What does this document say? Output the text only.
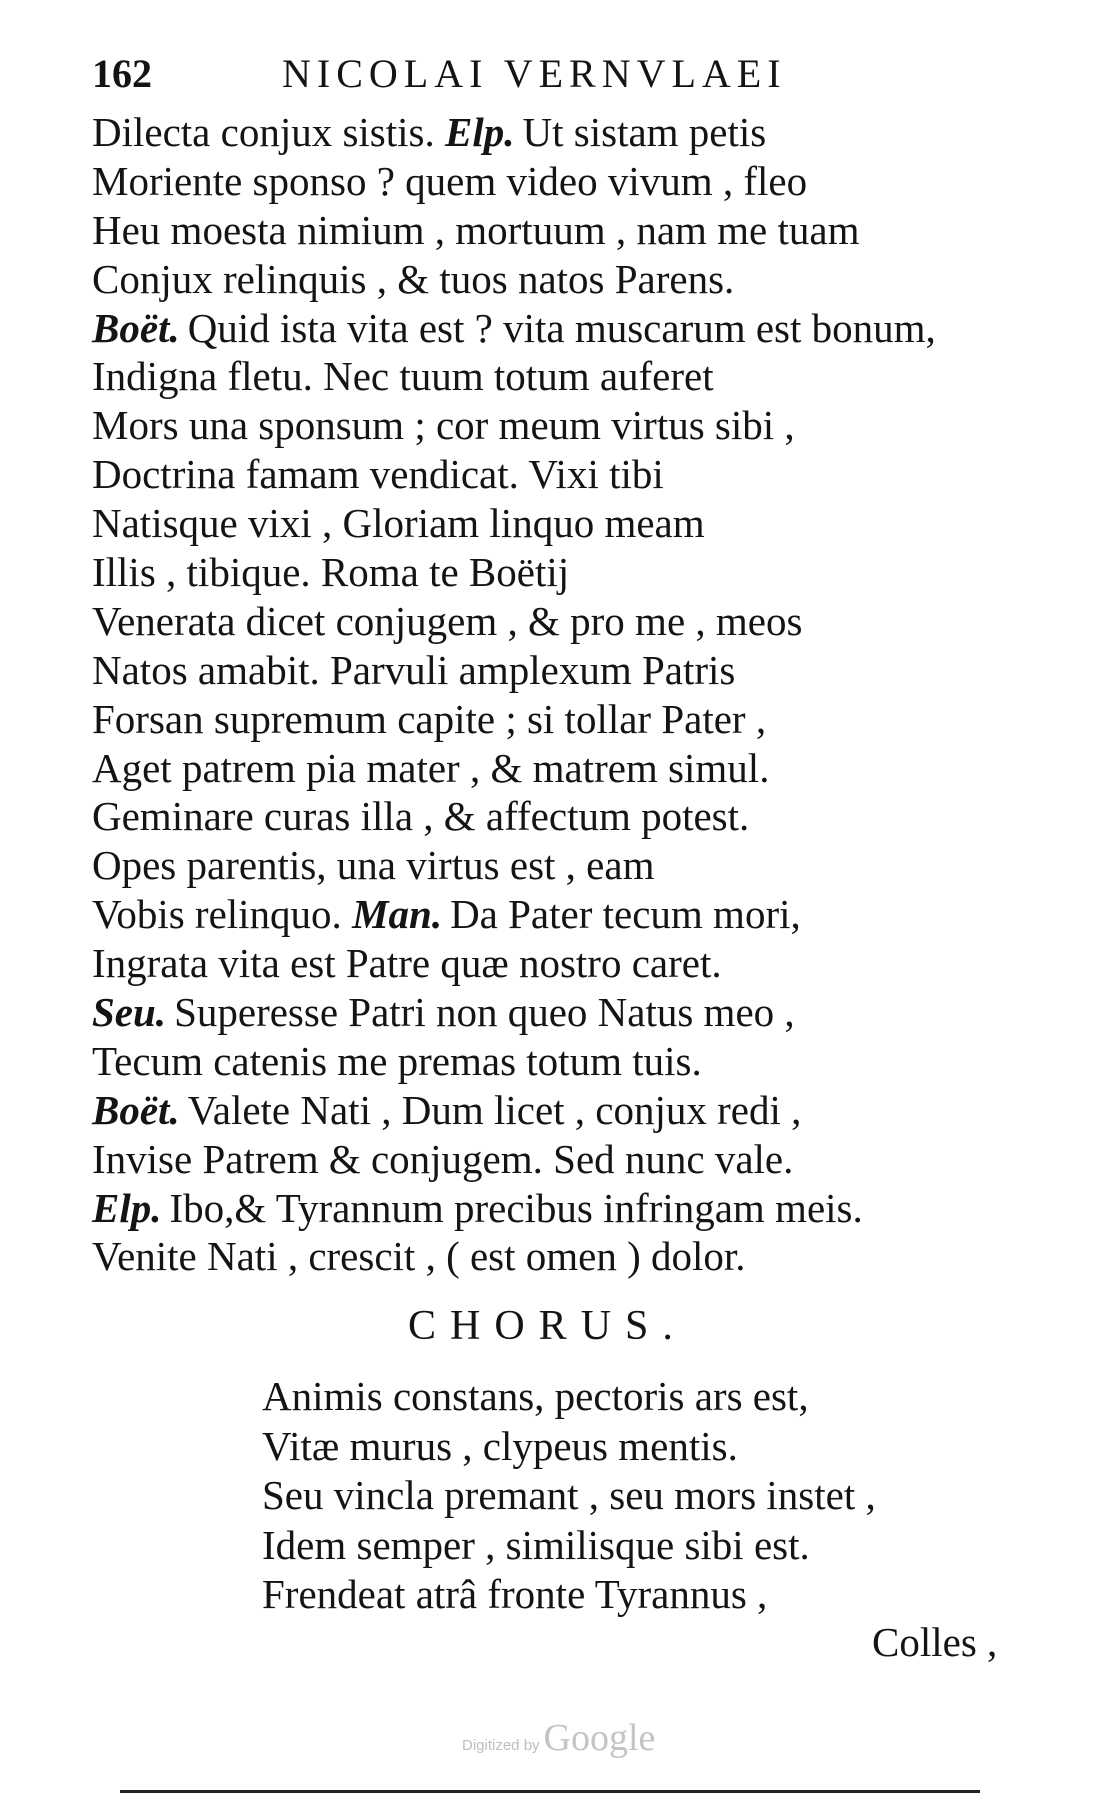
162	NICOLAI VERNVLAEI
Dilecta conjux sistis. Elp. Ut sistam petis
Moriente sponso ? quem video vivum , fleo
Heu moesta nimium , mortuum , nam me tuam
Conjux relinquis , & tuos natos Parens.
Boët. Quid ista vita est ? vita muscarum est bonum,
Indigna fletu. Nec tuum totum auferet
Mors una sponsum ; cor meum virtus sibi ,
Doctrina famam vendicat. Vixi tibi
Natisque vixi , Gloriam linquo meam
Illis , tibique. Roma te Boëtij
Venerata dicet conjugem , & pro me , meos
Natos amabit. Parvuli amplexum Patris
Forsan supremum capite ; si tollar Pater ,
Aget patrem pia mater , & matrem simul.
Geminare curas illa , & affectum potest.
Opes parentis, una virtus est , eam
Vobis relinquo. Man. Da Pater tecum mori,
Ingrata vita est Patre quæ nostro caret.
Seu. Superesse Patri non queo Natus meo ,
Tecum catenis me premas totum tuis.
Boët. Valete Nati , Dum licet , conjux redi ,
Invise Patrem & conjugem. Sed nunc vale.
Elp. Ibo,& Tyrannum precibus infringam meis.
Venite Nati , crescit , ( est omen ) dolor.
CHORUS.
Animis constans, pectoris ars est,
Vitæ murus , clypeus mentis.
Seu vincla premant , seu mors instet ,
Idem semper , similisque sibi est.
Frendeat atrâ fronte Tyrannus ,
Colles ,
Digitized by Google
